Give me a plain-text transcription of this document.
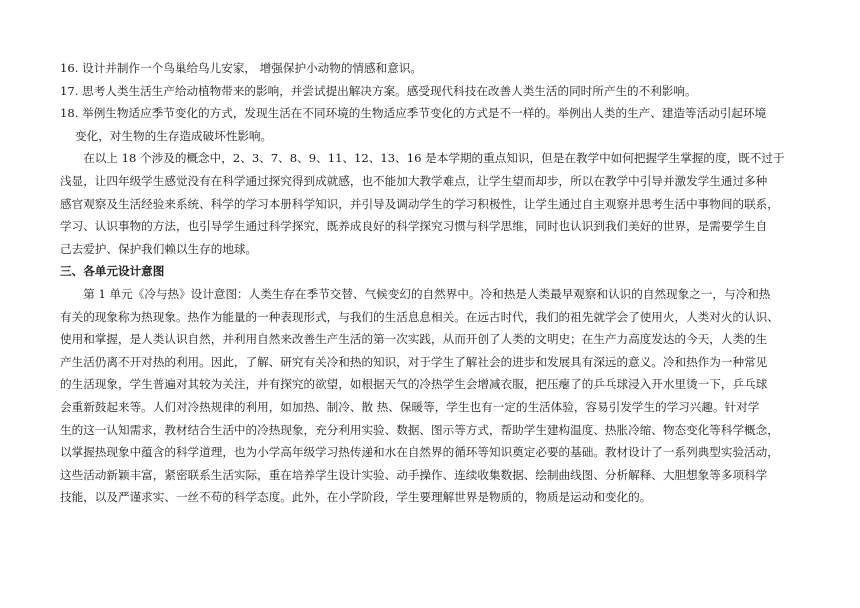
16. 设计并制作一个鸟巢给鸟儿安家， 增强保护小动物的情感和意识。
17. 思考人类生活生产给动植物带来的影响，并尝试提出解决方案。感受现代科技在改善人类生活的同时所产生的不利影响。
18. 举例生物适应季节变化的方式，发现生活在不同环境的生物适应季节变化的方式是不一样的。举例出人类的生产、建造等活动引起环境
变化，对生物的生存造成破坏性影响。
在以上 18 个涉及的概念中，2、3、7、8、9、11、12、13、16 是本学期的重点知识，但是在教学中如何把握学生掌握的度，既不过于
浅显，让四年级学生感觉没有在科学通过探究得到成就感，也不能加大教学难点，让学生望而却步，所以在教学中引导并激发学生通过多种
感官观察及生活经验来系统、科学的学习本册科学知识，并引导及调动学生的学习积极性，让学生通过自主观察并思考生活中事物间的联系，
学习、认识事物的方法，也引导学生通过科学探究，既养成良好的科学探究习惯与科学思维，同时也认识到我们美好的世界，是需要学生自
己去爱护、保护我们赖以生存的地球。
三、各单元设计意图
第 1 单元《冷与热》设计意图：人类生存在季节交替、气候变幻的自然界中。冷和热是人类最早观察和认识的自然现象之一，与冷和热
有关的现象称为热现象。热作为能量的一种表现形式，与我们的生活息息相关。在远古时代，我们的祖先就学会了使用火，人类对火的认识、
使用和掌握，是人类认识自然，并利用自然来改善生产生活的第一次实践，从而开创了人类的文明史；在生产力高度发达的今天，人类的生
产生活仍离不开对热的利用。因此，了解、研究有关冷和热的知识，对于学生了解社会的进步和发展具有深远的意义。冷和热作为一种常见
的生活现象，学生普遍对其较为关注，并有探究的欲望，如根据天气的冷热学生会增减衣服，把压瘪了的乒乓球浸入开水里烫一下，乒乓球
会重新鼓起来等。人们对冷热规律的利用，如加热、制冷、散 热、保暖等，学生也有一定的生活体验，容易引发学生的学习兴趣。针对学
生的这一认知需求，教材结合生活中的冷热现象，充分利用实验、数据、图示等方式，帮助学生建构温度、热胀冷缩、物态变化等科学概念，
以掌握热现象中蕴含的科学道理，也为小学高年级学习热传递和水在自然界的循环等知识奠定必要的基础。教材设计了一系列典型实验活动，
这些活动新颖丰富，紧密联系生活实际，重在培养学生设计实验、动手操作、连续收集数据、绘制曲线图、分析解释、大胆想象等多项科学
技能，以及严谨求实、一丝不苟的科学态度。此外，在小学阶段，学生要理解世界是物质的，物质是运动和变化的。
